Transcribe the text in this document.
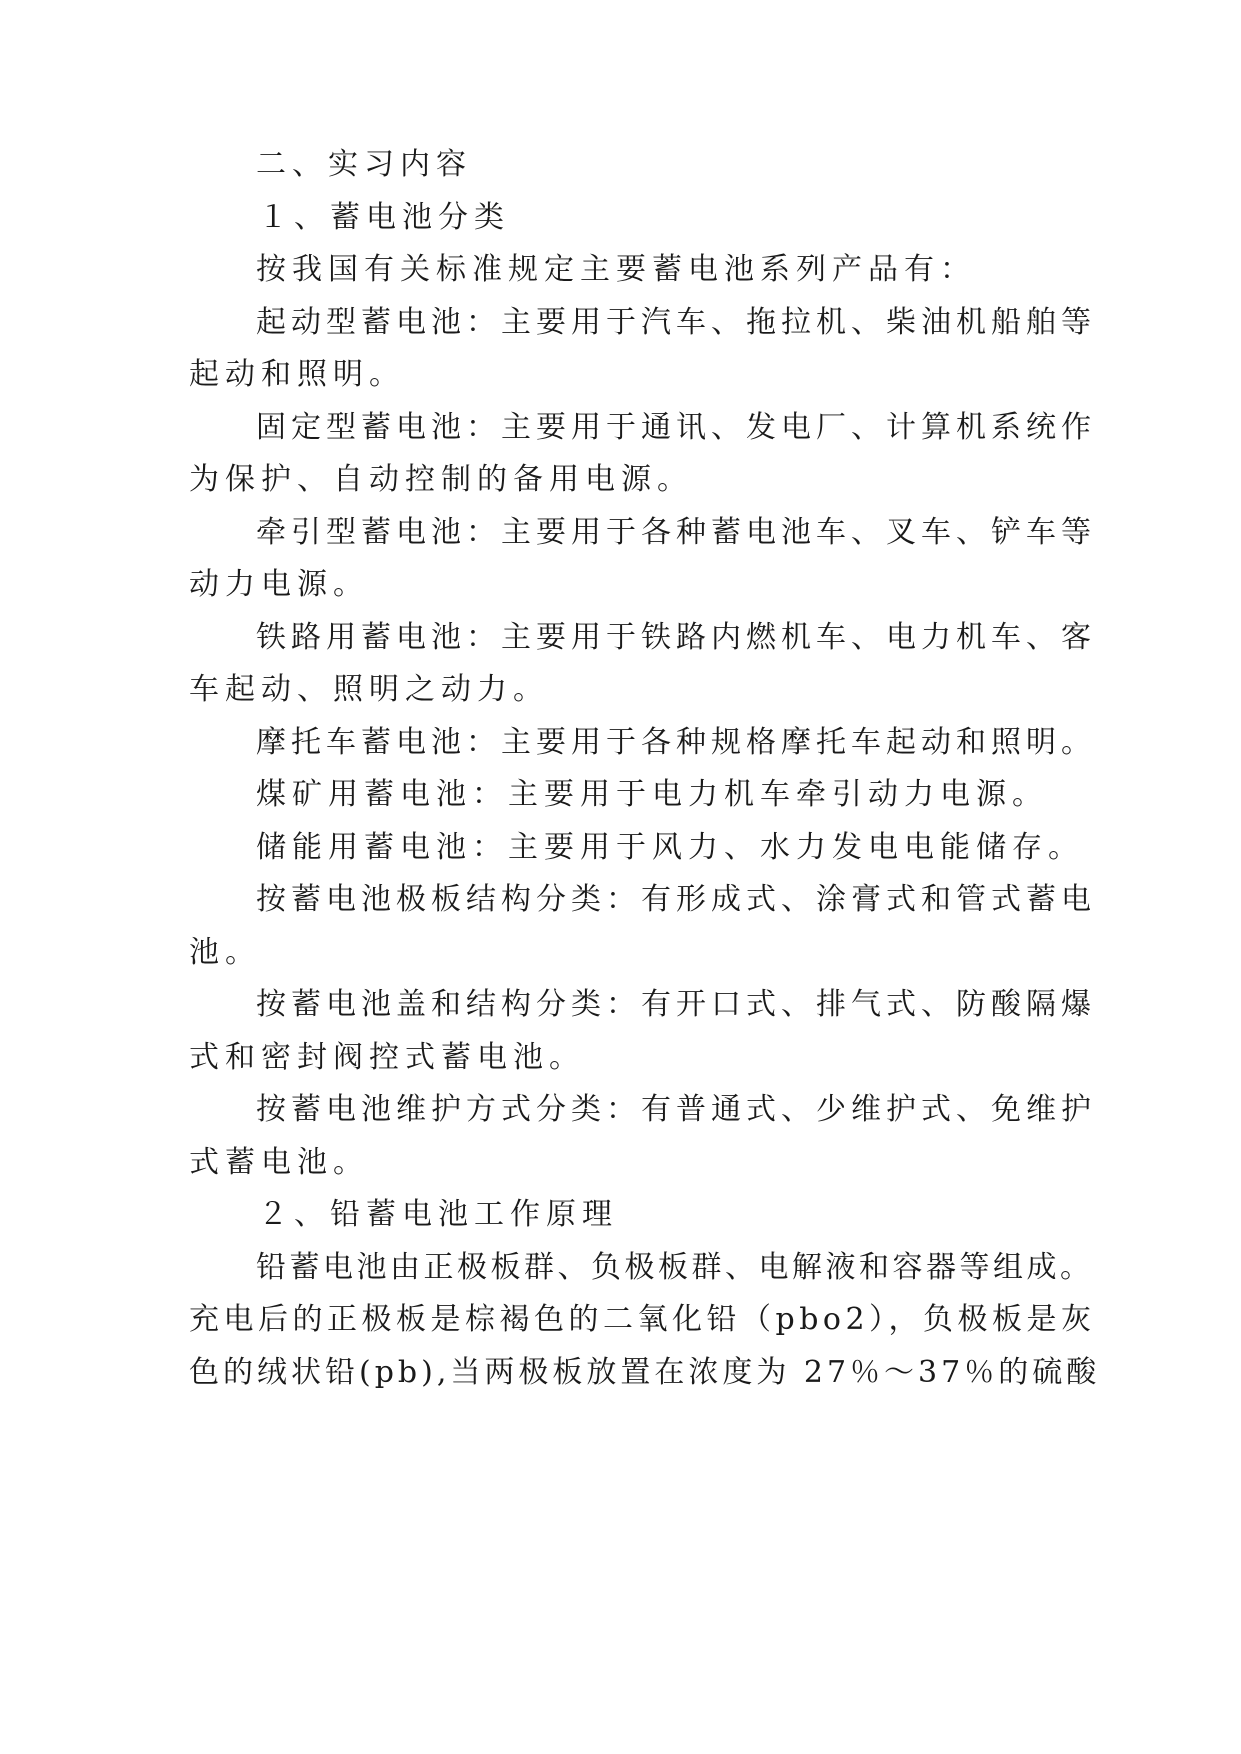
二、实习内容

１、蓄电池分类

按我国有关标准规定主要蓄电池系列产品有：

起动型蓄电池：主要用于汽车、拖拉机、柴油机船舶等

起动和照明。

固定型蓄电池：主要用于通讯、发电厂、计算机系统作

为保护、自动控制的备用电源。

牵引型蓄电池：主要用于各种蓄电池车、叉车、铲车等

动力电源。

铁路用蓄电池：主要用于铁路内燃机车、电力机车、客

车起动、照明之动力。

摩托车蓄电池：主要用于各种规格摩托车起动和照明。

煤矿用蓄电池：主要用于电力机车牵引动力电源。

储能用蓄电池：主要用于风力、水力发电电能储存。

按蓄电池极板结构分类：有形成式、涂膏式和管式蓄电

池。

按蓄电池盖和结构分类：有开口式、排气式、防酸隔爆

式和密封阀控式蓄电池。

按蓄电池维护方式分类：有普通式、少维护式、免维护

式蓄电池。

２、铅蓄电池工作原理

铅蓄电池由正极板群、负极板群、电解液和容器等组成。

充电后的正极板是棕褐色的二氧化铅（pbo2），负极板是灰

色的绒状铅(pb),当两极板放置在浓度为 27％～37％的硫酸
